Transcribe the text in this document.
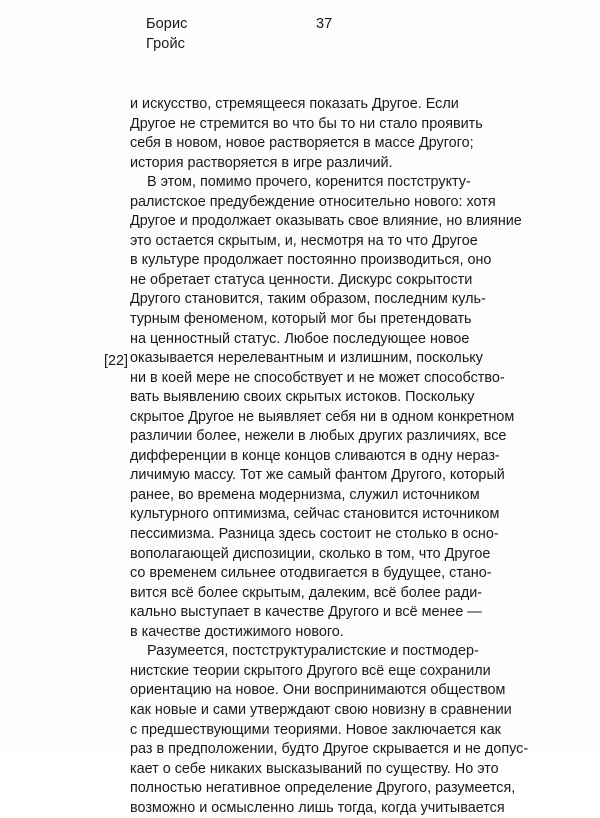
Борис
Гройс
37
[22]
и искусство, стремящееся показать Другое. Если
Другое не стремится во что бы то ни стало проявить
себя в новом, новое растворяется в массе Другого;
история растворяется в игре различий.
В этом, помимо прочего, коренится постструкту-
ралистское предубеждение относительно нового: хотя
Другое и продолжает оказывать свое влияние, но влияние
это остается скрытым, и, несмотря на то что Другое
в культуре продолжает постоянно производиться, оно
не обретает статуса ценности. Дискурс сокрытости
Другого становится, таким образом, последним куль-
турным феноменом, который мог бы претендовать
на ценностный статус. Любое последующее новое
оказывается нерелевантным и излишним, поскольку
ни в коей мере не способствует и не может способство-
вать выявлению своих скрытых истоков. Поскольку
скрытое Другое не выявляет себя ни в одном конкретном
различии более, нежели в любых других различиях, все
дифференции в конце концов сливаются в одну нераз-
личимую массу. Тот же самый фантом Другого, который
ранее, во времена модернизма, служил источником
культурного оптимизма, сейчас становится источником
пессимизма. Разница здесь состоит не столько в осно-
вополагающей диспозиции, сколько в том, что Другое
со временем сильнее отодвигается в будущее, стано-
вится всё более скрытым, далеким, всё более ради-
кально выступает в качестве Другого и всё менее —
в качестве достижимого нового.
Разумеется, постструктуралистские и постмодер-
нистские теории скрытого Другого всё еще сохранили
ориентацию на новое. Они воспринимаются обществом
как новые и сами утверждают свою новизну в сравнении
с предшествующими теориями. Новое заключается как
раз в предположении, будто Другое скрывается и не допус-
кает о себе никаких высказываний по существу. Но это
полностью негативное определение Другого, разумеется,
возможно и осмысленно лишь тогда, когда учитывается
